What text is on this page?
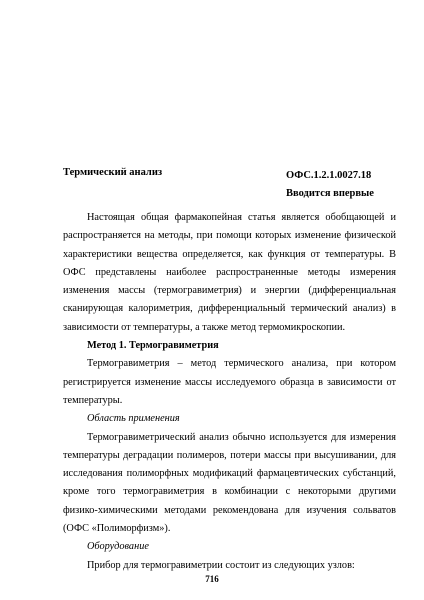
Термический анализ	ОФС.1.2.1.0027.18
Вводится впервые

Настоящая общая фармакопейная статья является обобщающей и распространяется на методы, при помощи которых изменение физической характеристики вещества определяется, как функция от температуры. В ОФС представлены наиболее распространенные методы измерения изменения массы (термогравиметрия) и энергии (дифференциальная сканирующая калориметрия, дифференциальный термический анализ) в зависимости от температуры, а также метод термомикроскопии.

Метод 1. Термогравиметрия

Термогравиметрия – метод термического анализа, при котором регистрируется изменение массы исследуемого образца в зависимости от температуры.

Область применения

Термогравиметрический анализ обычно используется для измерения температуры деградации полимеров, потери массы при высушивании, для исследования полиморфных модификаций фармацевтических субстанций, кроме того термогравиметрия в комбинации с некоторыми другими физико-химическими методами рекомендована для изучения сольватов (ОФС «Полиморфизм»).

Оборудование

Прибор для термогравиметрии состоит из следующих узлов:

716
